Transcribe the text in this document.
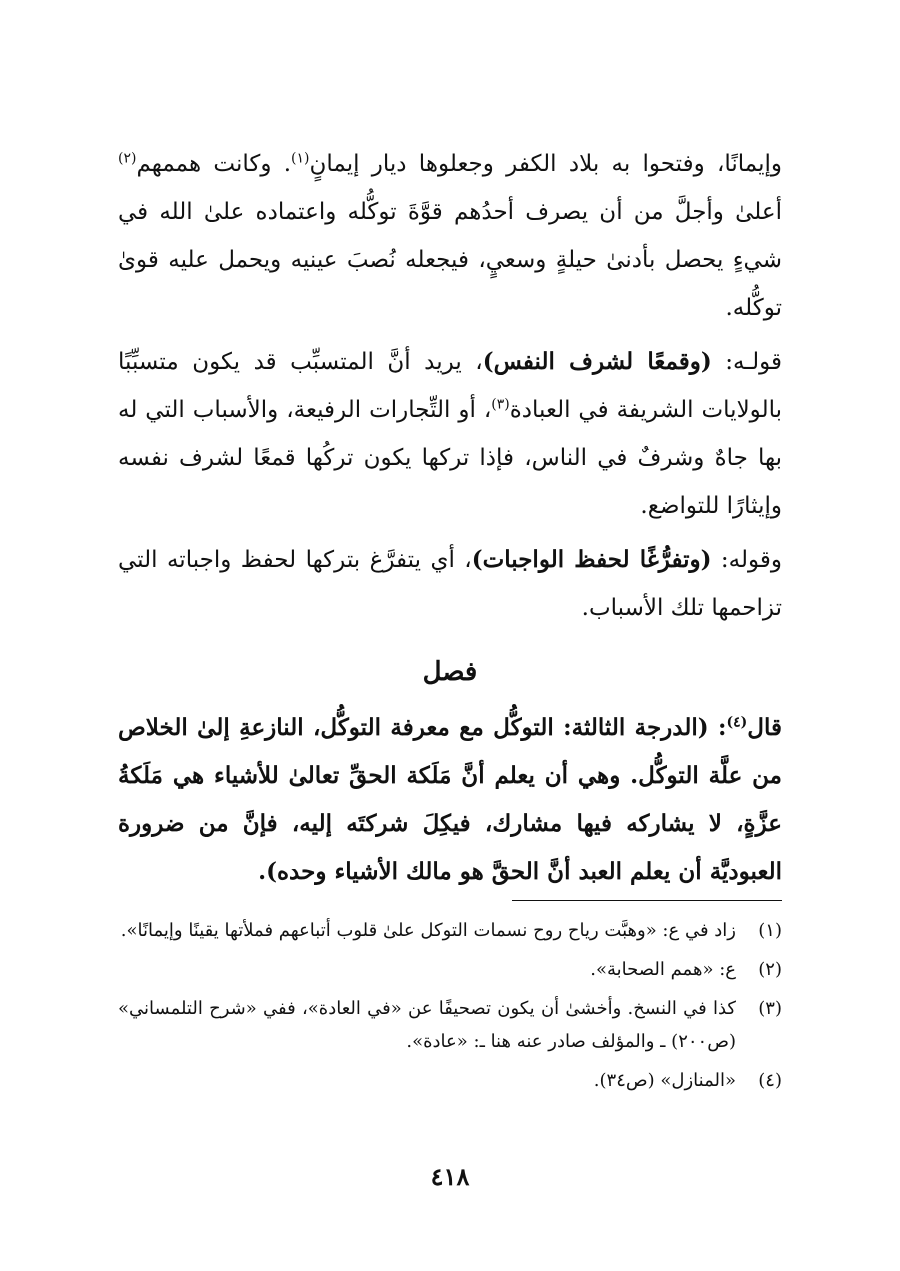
وإيمانًا، وفتحوا به بلاد الكفر وجعلوها ديار إيمانٍ$^{(١)}$. وكانت هممهم$^{(٢)}$ أعلىٰ وأجلَّ من أن يصرف أحدُهم قوَّةَ توكُّله واعتماده علىٰ الله في شيءٍ يحصل بأدنىٰ حيلةٍ وسعيٍ، فيجعله نُصبَ عينيه ويحمل عليه قوىٰ توكُّله.

قولـه: (وقمعًا لشرف النفس)، يريد أنَّ المتسبِّب قد يكون متسبِّبًا بالولايات الشريفة في العبادة$^{(٣)}$، أو التِّجارات الرفيعة، والأسباب التي له بها جاهٌ وشرفٌ في الناس، فإذا تركها يكون تركُها قمعًا لشرف نفسه وإيثارًا للتواضع.

وقوله: (وتفرُّغًا لحفظ الواجبات)، أي يتفرَّغ بتركها لحفظ واجباته التي تزاحمها تلك الأسباب.

فصل

قال$^{(٤)}$: (الدرجة الثالثة: التوكُّل مع معرفة التوكُّل، النازعةِ إلىٰ الخلاص من علَّة التوكُّل. وهي أن يعلم أنَّ مَلَكة الحقِّ تعالىٰ للأشياء هي مَلَكةُ عزَّةٍ، لا يشاركه فيها مشارك، فيكِلَ شركتَه إليه، فإنَّ من ضرورة العبوديَّة أن يعلم العبد أنَّ الحقَّ هو مالك الأشياء وحده).

(١)
زاد في ع: «وهبَّت رياح روح نسمات التوكل علىٰ قلوب أتباعهم فملأتها يقينًا وإيمانًا».
(٢)
ع: «همم الصحابة».
(٣)
كذا في النسخ. وأخشىٰ أن يكون تصحيفًا عن «في العادة»، ففي «شرح التلمساني» (ص٢٠٠) ـ والمؤلف صادر عنه هنا ـ: «عادة».
(٤)
«المنازل» (ص٣٤).
٤١٨
